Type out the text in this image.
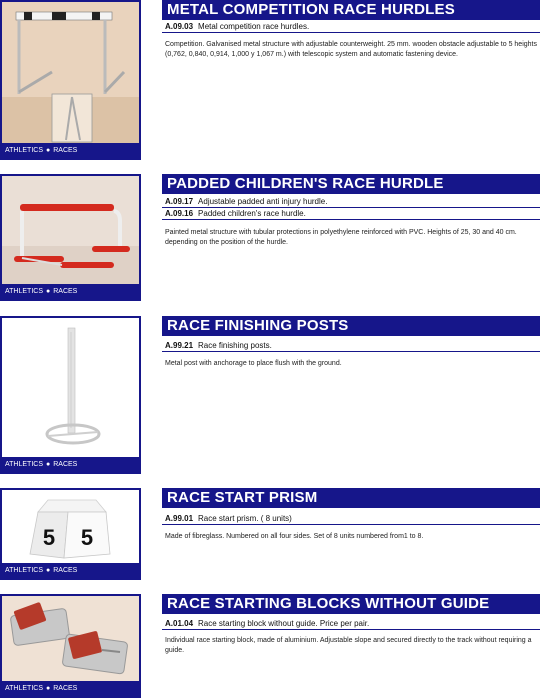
ATHLETICS ● RACES
METAL COMPETITION RACE HURDLES
A.09.03 Metal competition race hurdles.
Competition. Galvanised metal structure with adjustable counterweight. 25 mm. wooden obstacle adjustable to 5 heights (0,762, 0,840, 0,914, 1,000 y 1,067 m.) with telescopic system and automatic fastening device.
ATHLETICS ● RACES
PADDED CHILDREN'S RACE HURDLE
A.09.17 Adjustable padded anti injury hurdle.
A.09.16 Padded children's race hurdle.
Painted metal structure with tubular protections in polyethylene reinforced with PVC. Heights of 25, 30 and 40 cm. depending on the position of the hurdle.
ATHLETICS ● RACES
RACE FINISHING POSTS
A.99.21 Race finishing posts.
Metal post with anchorage to place flush with the ground.
5 5
ATHLETICS ● RACES
RACE START PRISM
A.99.01 Race start prism. ( 8 units)
Made of fibreglass. Numbered on all four sides. Set of 8 units numbered from1 to 8.
ATHLETICS ● RACES
RACE STARTING BLOCKS WITHOUT GUIDE
A.01.04 Race starting block without guide. Price per pair.
Individual race starting block, made of aluminium. Adjustable slope and secured directly to the track without requiring a guide.
